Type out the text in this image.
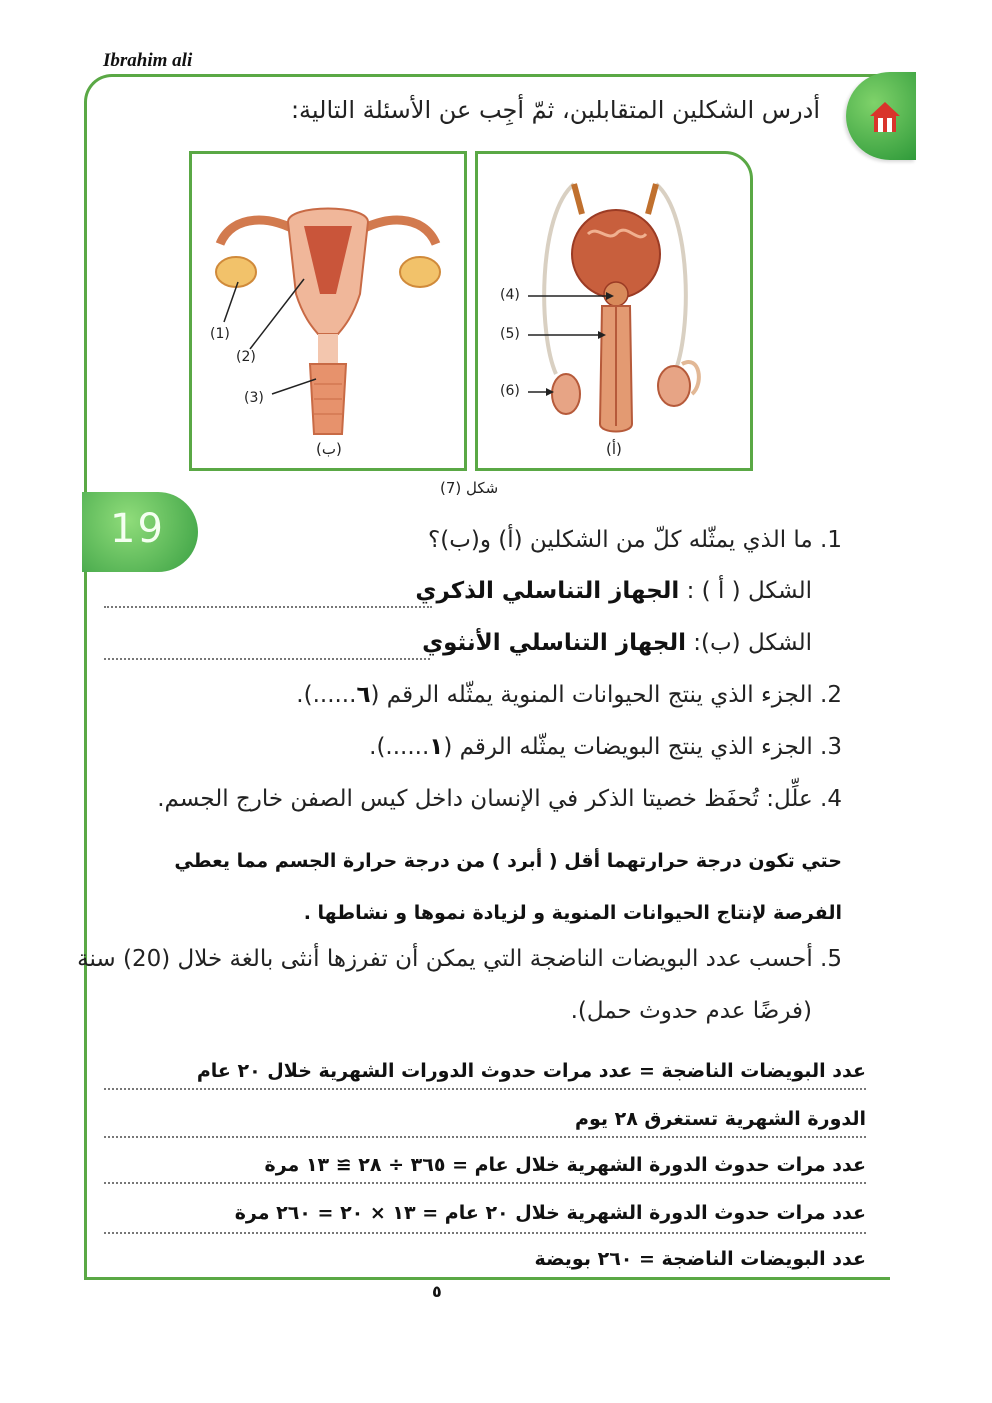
Ibrahim ali
أدرس الشكلين المتقابلين، ثمّ أجِب عن الأسئلة التالية:
(1)
(2)
(3)
(ب)
(4)
(5)
(6)
(أ)
شكل (7)
19	1. ما الذي يمثّله كلّ من الشكلين (أ) و(ب)؟
الشكل ( أ ) : الجهاز التناسلي الذكري
الشكل (ب): الجهاز التناسلي الأنثوي
2. الجزء الذي ينتج الحيوانات المنوية يمثّله الرقم (٦......).
3. الجزء الذي ينتج البويضات يمثّله الرقم (١......).
4. علِّل: تُحفَظ خصيتا الذكر في الإنسان داخل كيس الصفن خارج الجسم.
حتي تكون درجة حرارتهما أقل ( أبرد ) من درجة حرارة الجسم مما يعطي
الفرصة لإنتاج الحيوانات المنوية و لزيادة نموها و نشاطها .
5. أحسب عدد البويضات الناضجة التي يمكن أن تفرزها أنثى بالغة خلال (20) سنة
(فرضًا عدم حدوث حمل).
عدد البويضات الناضجة = عدد مرات حدوث الدورات الشهرية خلال ٢٠ عام
الدورة الشهرية تستغرق ٢٨ يوم
عدد مرات حدوث الدورة الشهرية خلال عام = ٣٦٥ ÷ ٢٨ ≅ ١٣ مرة
عدد مرات حدوث الدورة الشهرية خلال ٢٠ عام = ١٣ × ٢٠ = ٢٦٠ مرة
عدد البويضات الناضجة = ٢٦٠ بويضة
٥
